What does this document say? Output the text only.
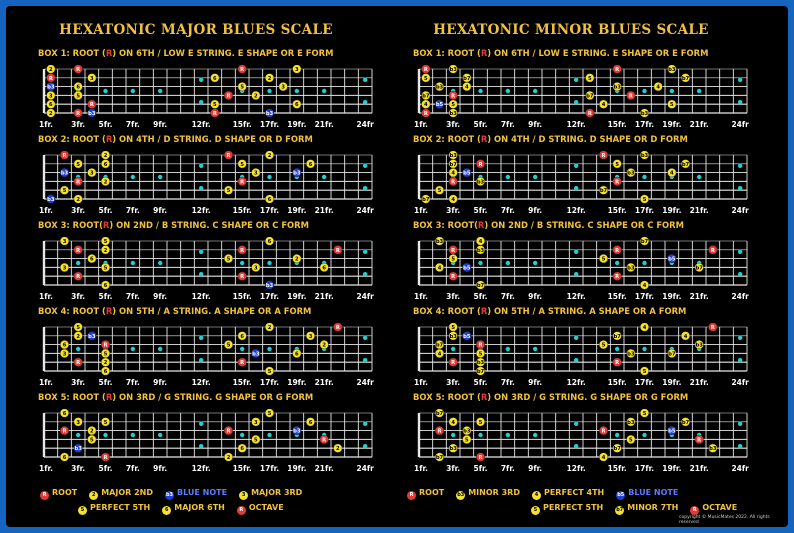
HEXATONIC MAJOR BLUES SCALE
BOX 1: ROOT (R) ON 6TH / LOW E STRING. E SHAPE OR E FORM
2	R b3
6	R
3	5
b3	6
R	3
2	R
R
5
R
5
6
R
b3
6
2
3
2
3
1fr. 3fr. 5fr. 7fr. 9fr.	12fr.	15fr. 17fr. 19fr. 21fr.	24fr
BOX 2: ROOT (R) ON 4TH / D STRING. D SHAPE OR D FORM
R	2
3
b3
5	6
R	2
5
b3	2
R
3
5
R
5
6
b3
6
2
1fr. 3fr. 5fr. 7fr. 9fr.	12fr.	15fr. 17fr. 19fr. 21fr.	24fr
BOX 3: ROOT(R) ON 2ND / B STRING. C SHAPE OR C FORM
R	2
6
3	5
R
6
3	5
R
5
3
R
6
b3
2
6
R
1fr. 3fr. 5fr. 7fr. 9fr.	12fr.	15fr. 17fr. 19fr. 21fr.	24fr
BOX 4: ROOT (R) ON 5TH / A STRING. A SHAPE OR A FORM
R	2
3	5
6	R
2 b3
5
6
R
b3
5
6
2
5
6
2
3
R
1fr. 3fr. 5fr. 7fr. 9fr.	12fr.	15fr. 17fr. 19fr. 21fr.	24fr
BOX 5: ROOT (R) ON 3RD / G STRING. G SHAPE OR G FORM
R	2
3	5
6
5
b3
6	R
R
3
5
6
5
2
b3
6
R
2
1fr. 3fr. 5fr. 7fr. 9fr.	12fr.	15fr. 17fr. 19fr. 21fr.	24fr
R ROOT	2 MAJOR 2ND	b3 BLUE NOTE	3 MAJOR 3RD
5 PERFECT 5TH	6 MAJOR 6TH	R OCTAVE
HEXATONIC MINOR BLUES SCALE
BOX 1: ROOT (R) ON 6TH / LOW E STRING. E SHAPE OR E FORM
R	b3
4 b5 5
b7	R
b3	4
5	b7
R	b3
R
4
b7
b3
5
R
b3
5
R
4
b7
b3
1fr. 3fr. 5fr. 7fr. 9fr.	12fr.	15fr. 17fr. 19fr. 21fr.	24fr
BOX 2: ROOT (R) ON 4TH / D STRING. D SHAPE OR D FORM
R	b3
4 b5
b7	R
b3
5
b7	4
R
b3
5
R
b7
5
4
b7
b3
1fr. 3fr. 5fr. 7fr. 9fr.	12fr.	15fr. 17fr. 19fr. 21fr.	24fr
BOX 3: ROOT(R) ON 2ND / B STRING. C SHAPE OR C FORM
R	b3
5
4	b5
R
b7
b3	4
R
5
b3
R
b7
4
b5
b7
R
1fr. 3fr. 5fr. 7fr. 9fr.	12fr.	15fr. 17fr. 19fr. 21fr.	24fr
BOX 4: ROOT (R) ON 5TH / A STRING. A SHAPE OR A FORM
R	b3
4	5
b7	R
b3 b5
5
b7
R
b3
5
b7
4
5
b7
b3
4
R
1fr. 3fr. 5fr. 7fr. 9fr.	12fr.	15fr. 17fr. 19fr. 21fr.	24fr
BOX 5: ROOT (R) ON 3RD / G STRING. G SHAPE OR G FORM
R	b3
4	5
b7
5
b3
b7	R
R
b3
5
b7
5
4
b5
b7
R
b3
1fr. 3fr. 5fr. 7fr. 9fr.	12fr.	15fr. 17fr. 19fr. 21fr.	24fr
R ROOT	b3 MINOR 3RD	4 PERFECT 4TH	b5 BLUE NOTE
5 PERFECT 5TH	b7 MINOR 7TH	R OCTAVE
copyright © MusicMates 2022. All rights reserved
